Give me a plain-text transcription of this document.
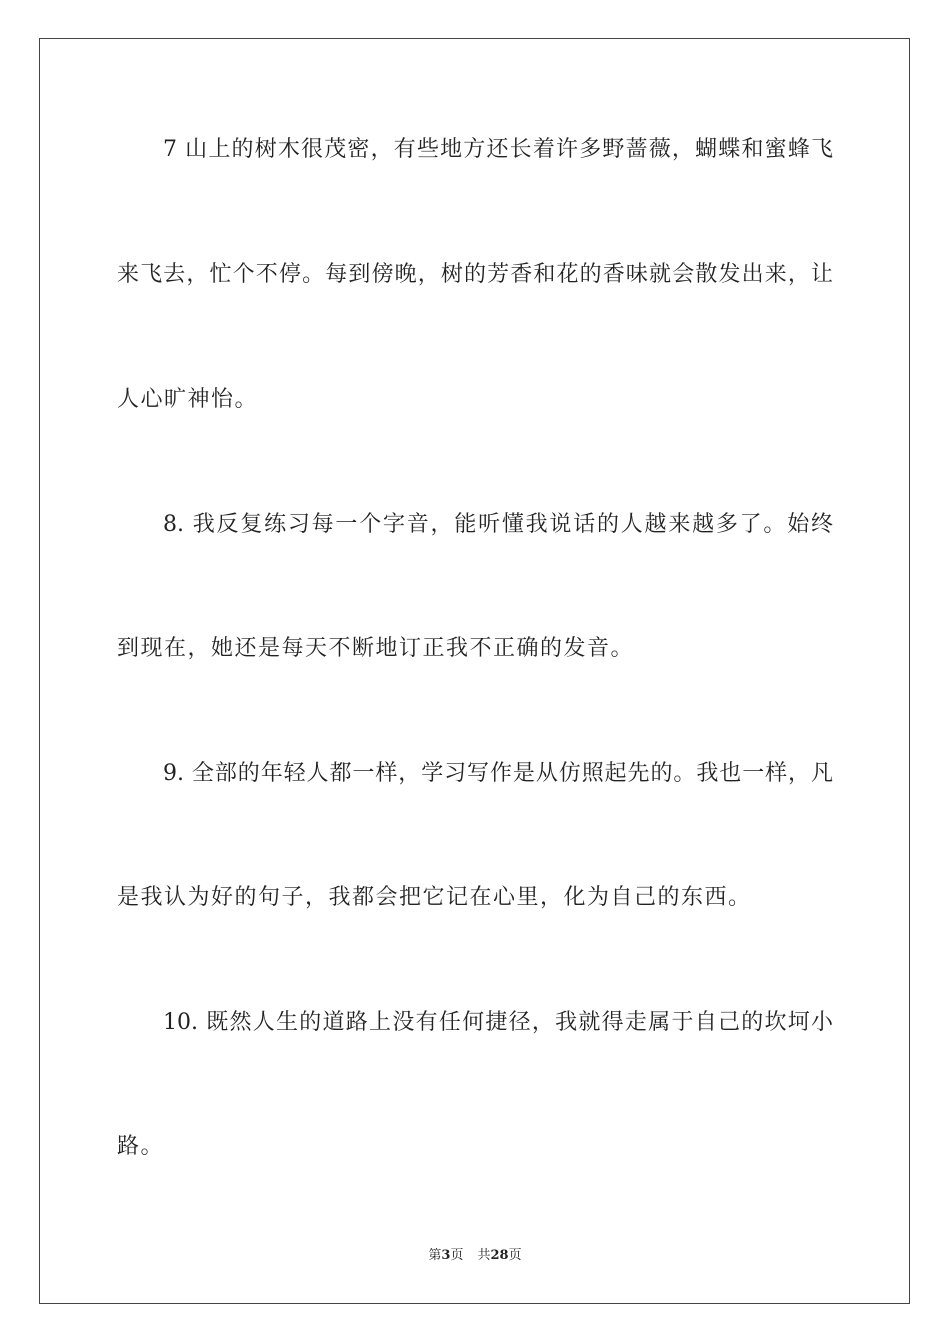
7 山上的树木很茂密，有些地方还长着许多野蔷薇，蝴蝶和蜜蜂飞
来飞去，忙个不停。每到傍晚，树的芳香和花的香味就会散发出来，让
人心旷神怡。
8. 我反复练习每一个字音，能听懂我说话的人越来越多了。始终
到现在，她还是每天不断地订正我不正确的发音。
9. 全部的年轻人都一样，学习写作是从仿照起先的。我也一样，凡
是我认为好的句子，我都会把它记在心里，化为自己的东西。
10. 既然人生的道路上没有任何捷径，我就得走属于自己的坎坷小
路。
第3页 共28页
